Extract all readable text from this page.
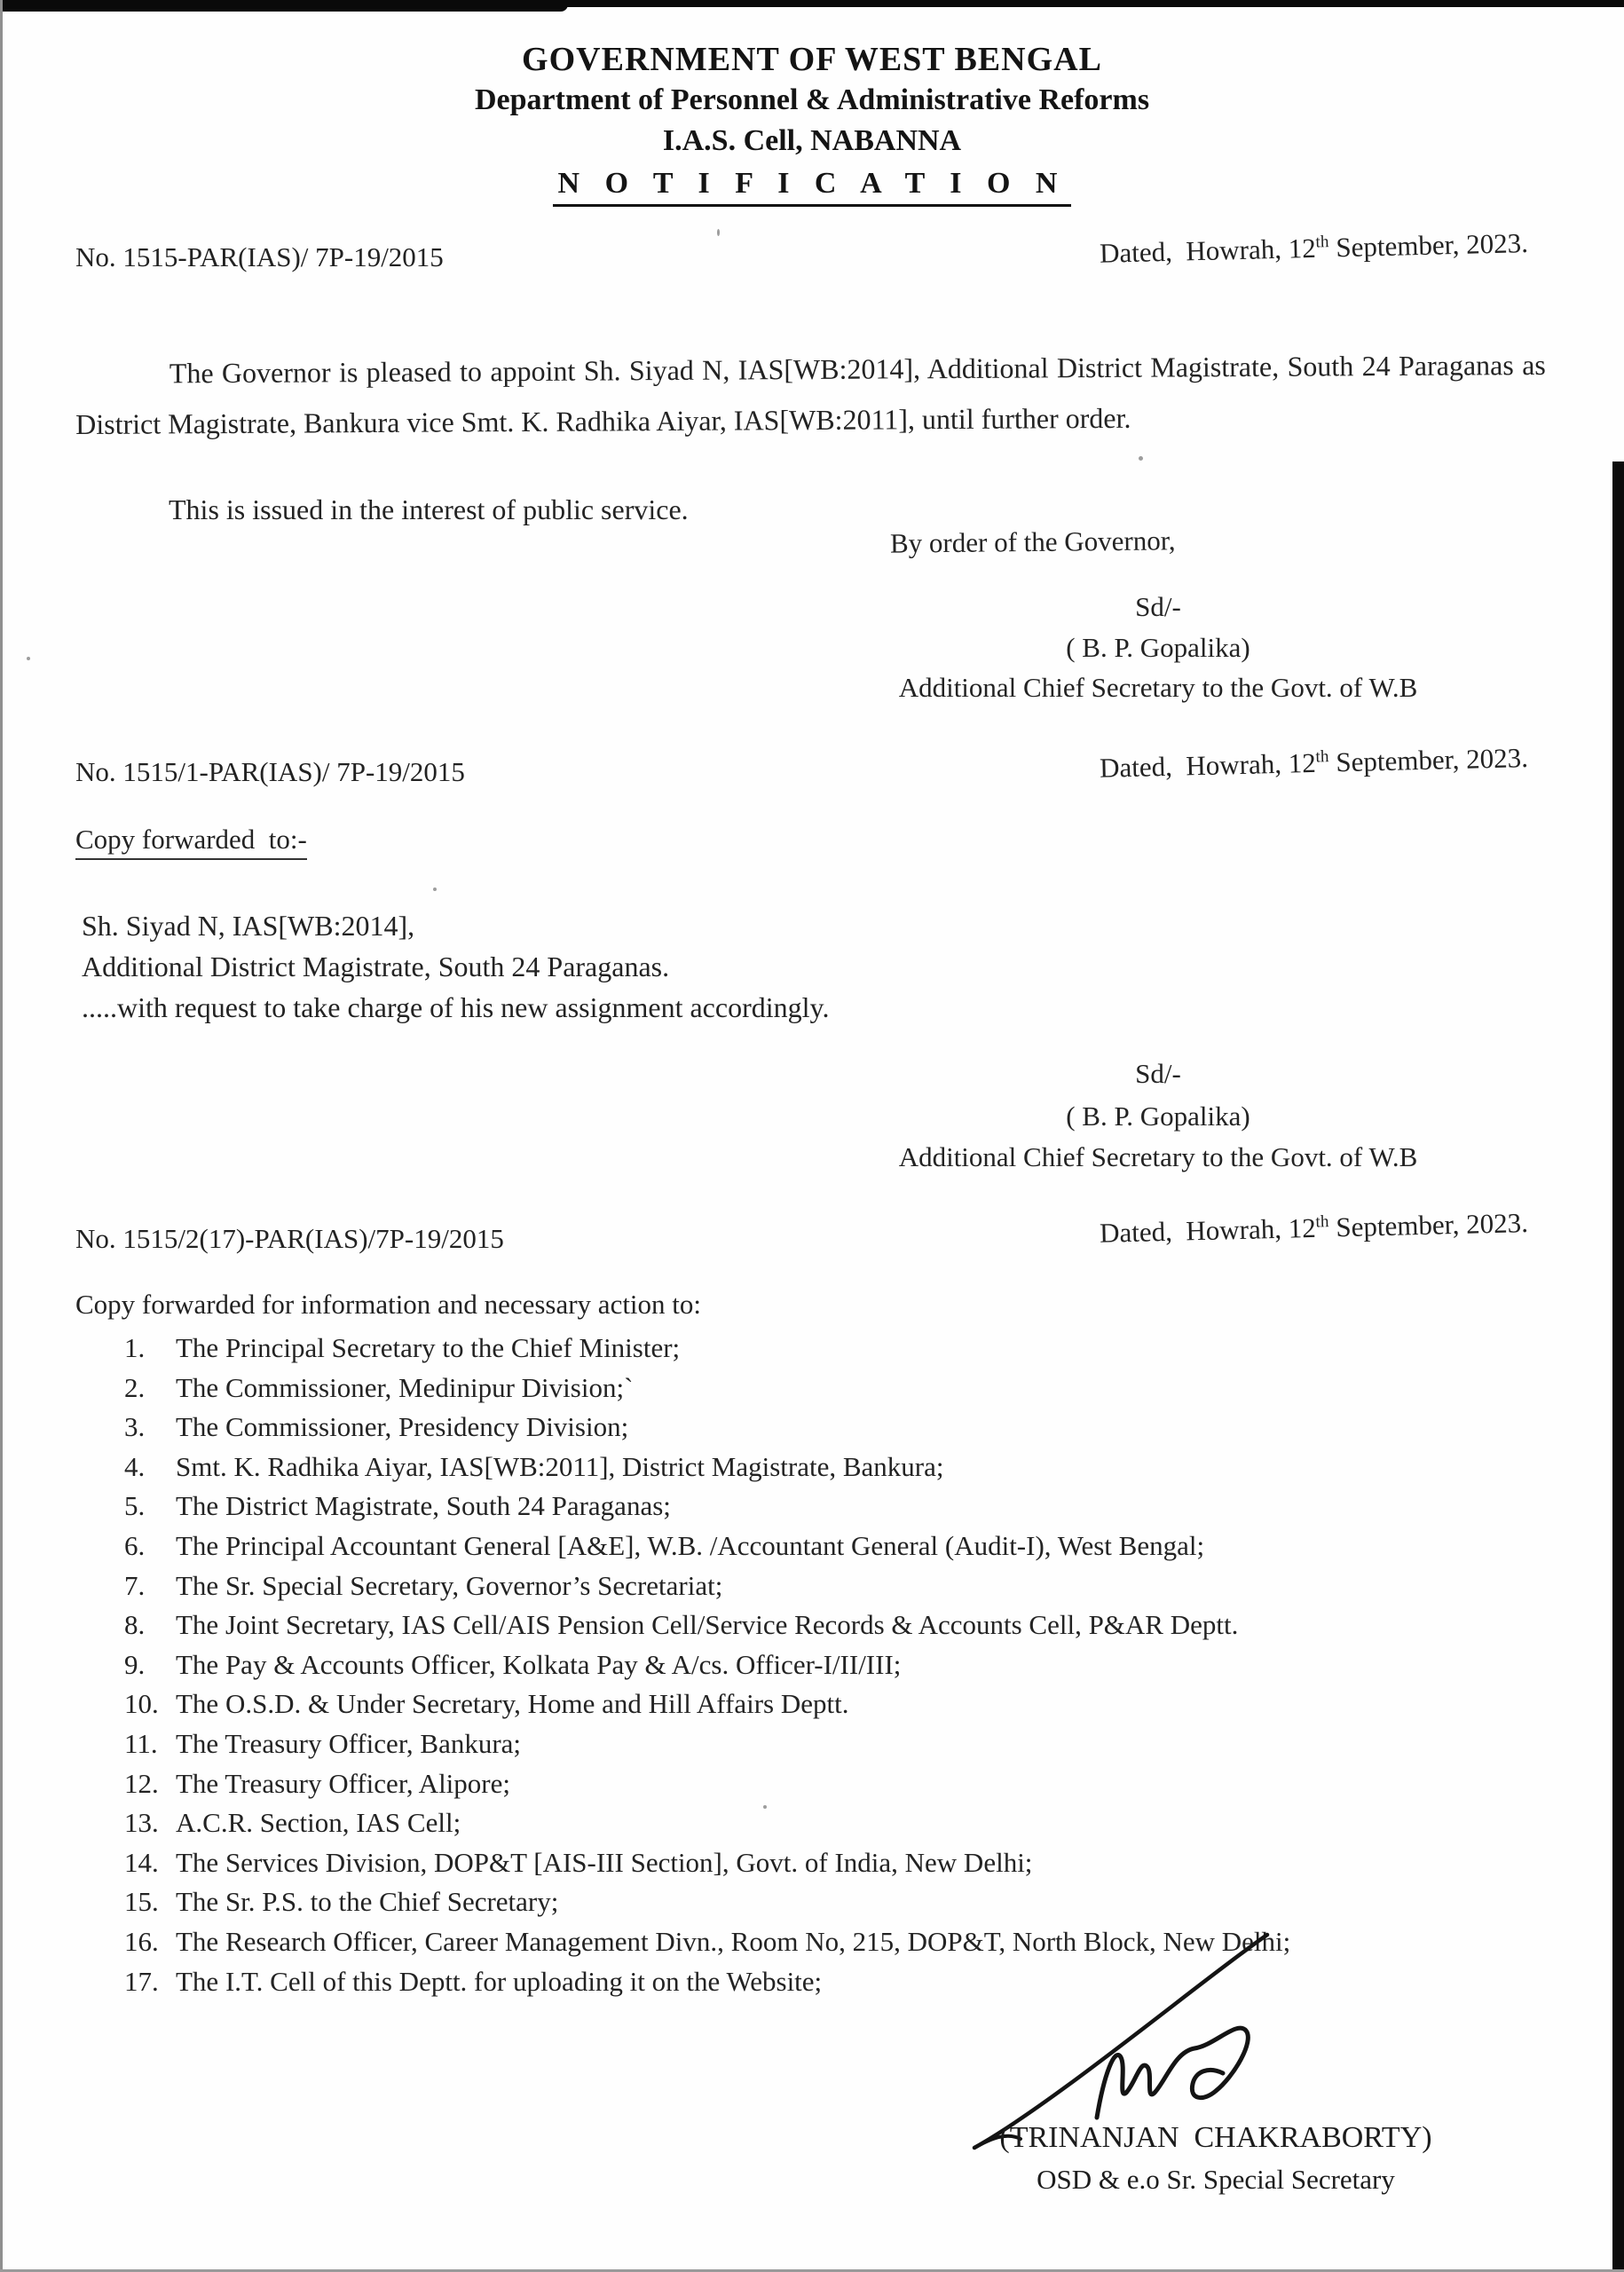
GOVERNMENT OF WEST BENGAL
Department of Personnel & Administrative Reforms
I.A.S. Cell, NABANNA
N O T I F I C A T I O N
No. 1515-PAR(IAS)/ 7P-19/2015	Dated,  Howrah, 12th September, 2023.
The Governor is pleased to appoint Sh. Siyad N, IAS[WB:2014], Additional District Magistrate, South 24 Paraganas as District Magistrate, Bankura vice Smt. K. Radhika Aiyar, IAS[WB:2011], until further order.
This is issued in the interest of public service.
By order of the Governor,
Sd/-
( B. P. Gopalika)
Additional Chief Secretary to the Govt. of W.B
No. 1515/1-PAR(IAS)/ 7P-19/2015	Dated,  Howrah, 12th September, 2023.
Copy forwarded  to:-
Sh. Siyad N, IAS[WB:2014],
Additional District Magistrate, South 24 Paraganas.
.....with request to take charge of his new assignment accordingly.
Sd/-
( B. P. Gopalika)
Additional Chief Secretary to the Govt. of W.B
No. 1515/2(17)-PAR(IAS)/7P-19/2015	Dated,  Howrah, 12th September, 2023.
Copy forwarded for information and necessary action to:
1.	The Principal Secretary to the Chief Minister;
2.	The Commissioner, Medinipur Division;`
3.	The Commissioner, Presidency Division;
4.	Smt. K. Radhika Aiyar, IAS[WB:2011], District Magistrate, Bankura;
5.	The District Magistrate, South 24 Paraganas;
6.	The Principal Accountant General [A&E], W.B. /Accountant General (Audit-I), West Bengal;
7.	The Sr. Special Secretary, Governor’s Secretariat;
8.	The Joint Secretary, IAS Cell/AIS Pension Cell/Service Records & Accounts Cell, P&AR Deptt.
9.	The Pay & Accounts Officer, Kolkata Pay & A/cs. Officer-I/II/III;
10. The O.S.D. & Under Secretary, Home and Hill Affairs Deptt.
11. The Treasury Officer, Bankura;
12. The Treasury Officer, Alipore;
13. A.C.R. Section, IAS Cell;
14. The Services Division, DOP&T [AIS-III Section], Govt. of India, New Delhi;
15. The Sr. P.S. to the Chief Secretary;
16. The Research Officer, Career Management Divn., Room No, 215, DOP&T, North Block, New Delhi;
17. The I.T. Cell of this Deptt. for uploading it on the Website;
(TRINANJAN  CHAKRABORTY)
OSD & e.o Sr. Special Secretary
